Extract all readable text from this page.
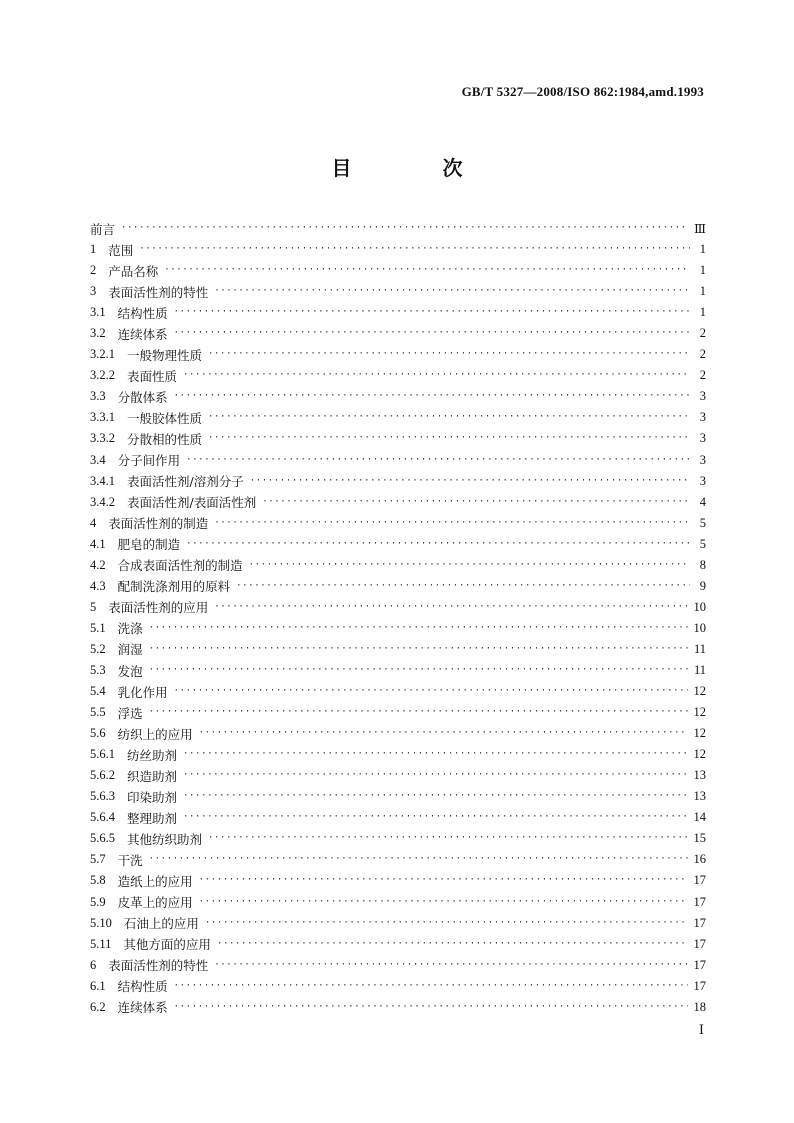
GB/T 5327—2008/ISO 862:1984,amd.1993
目 次
前言 ·····	Ⅲ
1 范围 ·····	1
2 产品名称 ·····	1
3 表面活性剂的特性 ·····	1
3.1 结构性质 ·····	1
3.2 连续体系 ·····	2
3.2.1 一般物理性质 ·····	2
3.2.2 表面性质 ·····	2
3.3 分散体系 ·····	3
3.3.1 一般胶体性质 ·····	3
3.3.2 分散相的性质 ·····	3
3.4 分子间作用 ·····	3
3.4.1 表面活性剂/溶剂分子 ·····	3
3.4.2 表面活性剂/表面活性剂 ·····	4
4 表面活性剂的制造 ·····	5
4.1 肥皂的制造 ·····	5
4.2 合成表面活性剂的制造 ·····	8
4.3 配制洗涤剂用的原料 ·····	9
5 表面活性剂的应用 ·····	10
5.1 洗涤 ·····	10
5.2 润湿 ·····	11
5.3 发泡 ·····	11
5.4 乳化作用 ·····	12
5.5 浮选 ·····	12
5.6 纺织上的应用 ·····	12
5.6.1 纺丝助剂 ·····	12
5.6.2 织造助剂 ·····	13
5.6.3 印染助剂 ·····	13
5.6.4 整理助剂 ·····	14
5.6.5 其他纺织助剂 ·····	15
5.7 干洗 ·····	16
5.8 造纸上的应用 ·····	17
5.9 皮革上的应用 ·····	17
5.10 石油上的应用 ·····	17
5.11 其他方面的应用 ·····	17
6 表面活性剂的特性 ·····	17
6.1 结构性质 ·····	17
6.2 连续体系 ·····	18
Ⅰ
